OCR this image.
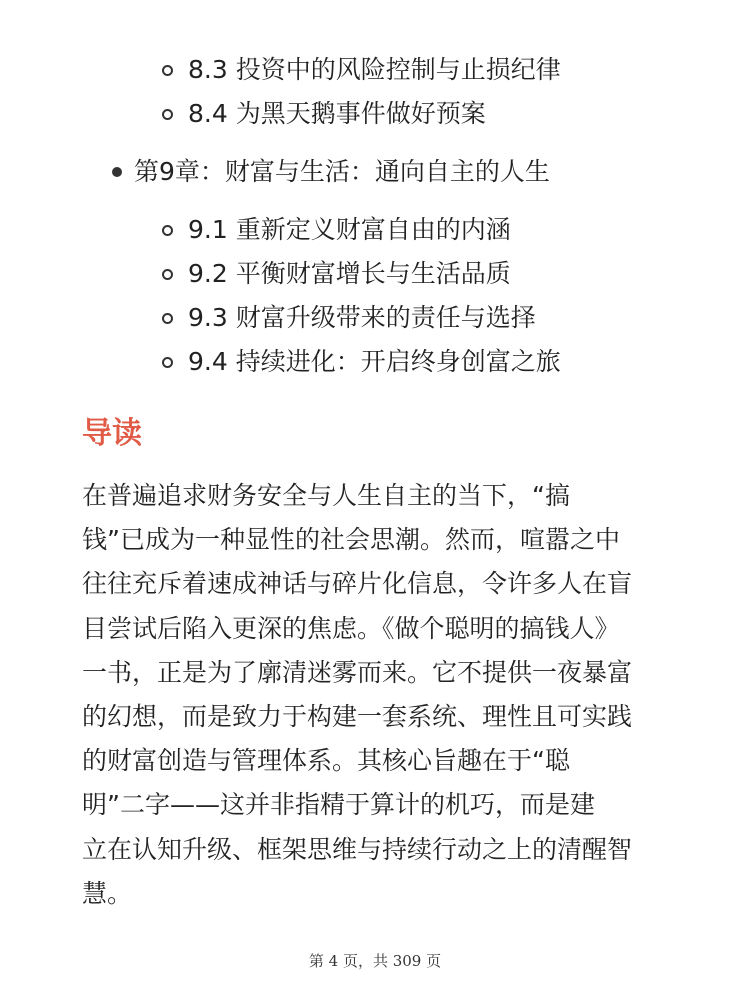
8.3 投资中的风险控制与止损纪律
8.4 为黑天鹅事件做好预案
第9章：财富与生活：通向自主的人生
9.1 重新定义财富自由的内涵
9.2 平衡财富增长与生活品质
9.3 财富升级带来的责任与选择
9.4 持续进化：开启终身创富之旅
导读
在普遍追求财务安全与人生自主的当下，“搞
钱”已成为一种显性的社会思潮。然而，喧嚣之中
往往充斥着速成神话与碎片化信息，令许多人在盲
目尝试后陷入更深的焦虑。《做个聪明的搞钱人》
一书，正是为了廓清迷雾而来。它不提供一夜暴富
的幻想，而是致力于构建一套系统、理性且可实践
的财富创造与管理体系。其核心旨趣在于“聪
明”二字——这并非指精于算计的机巧，而是建
立在认知升级、框架思维与持续行动之上的清醒智
慧。
第 4 页，共 309 页
